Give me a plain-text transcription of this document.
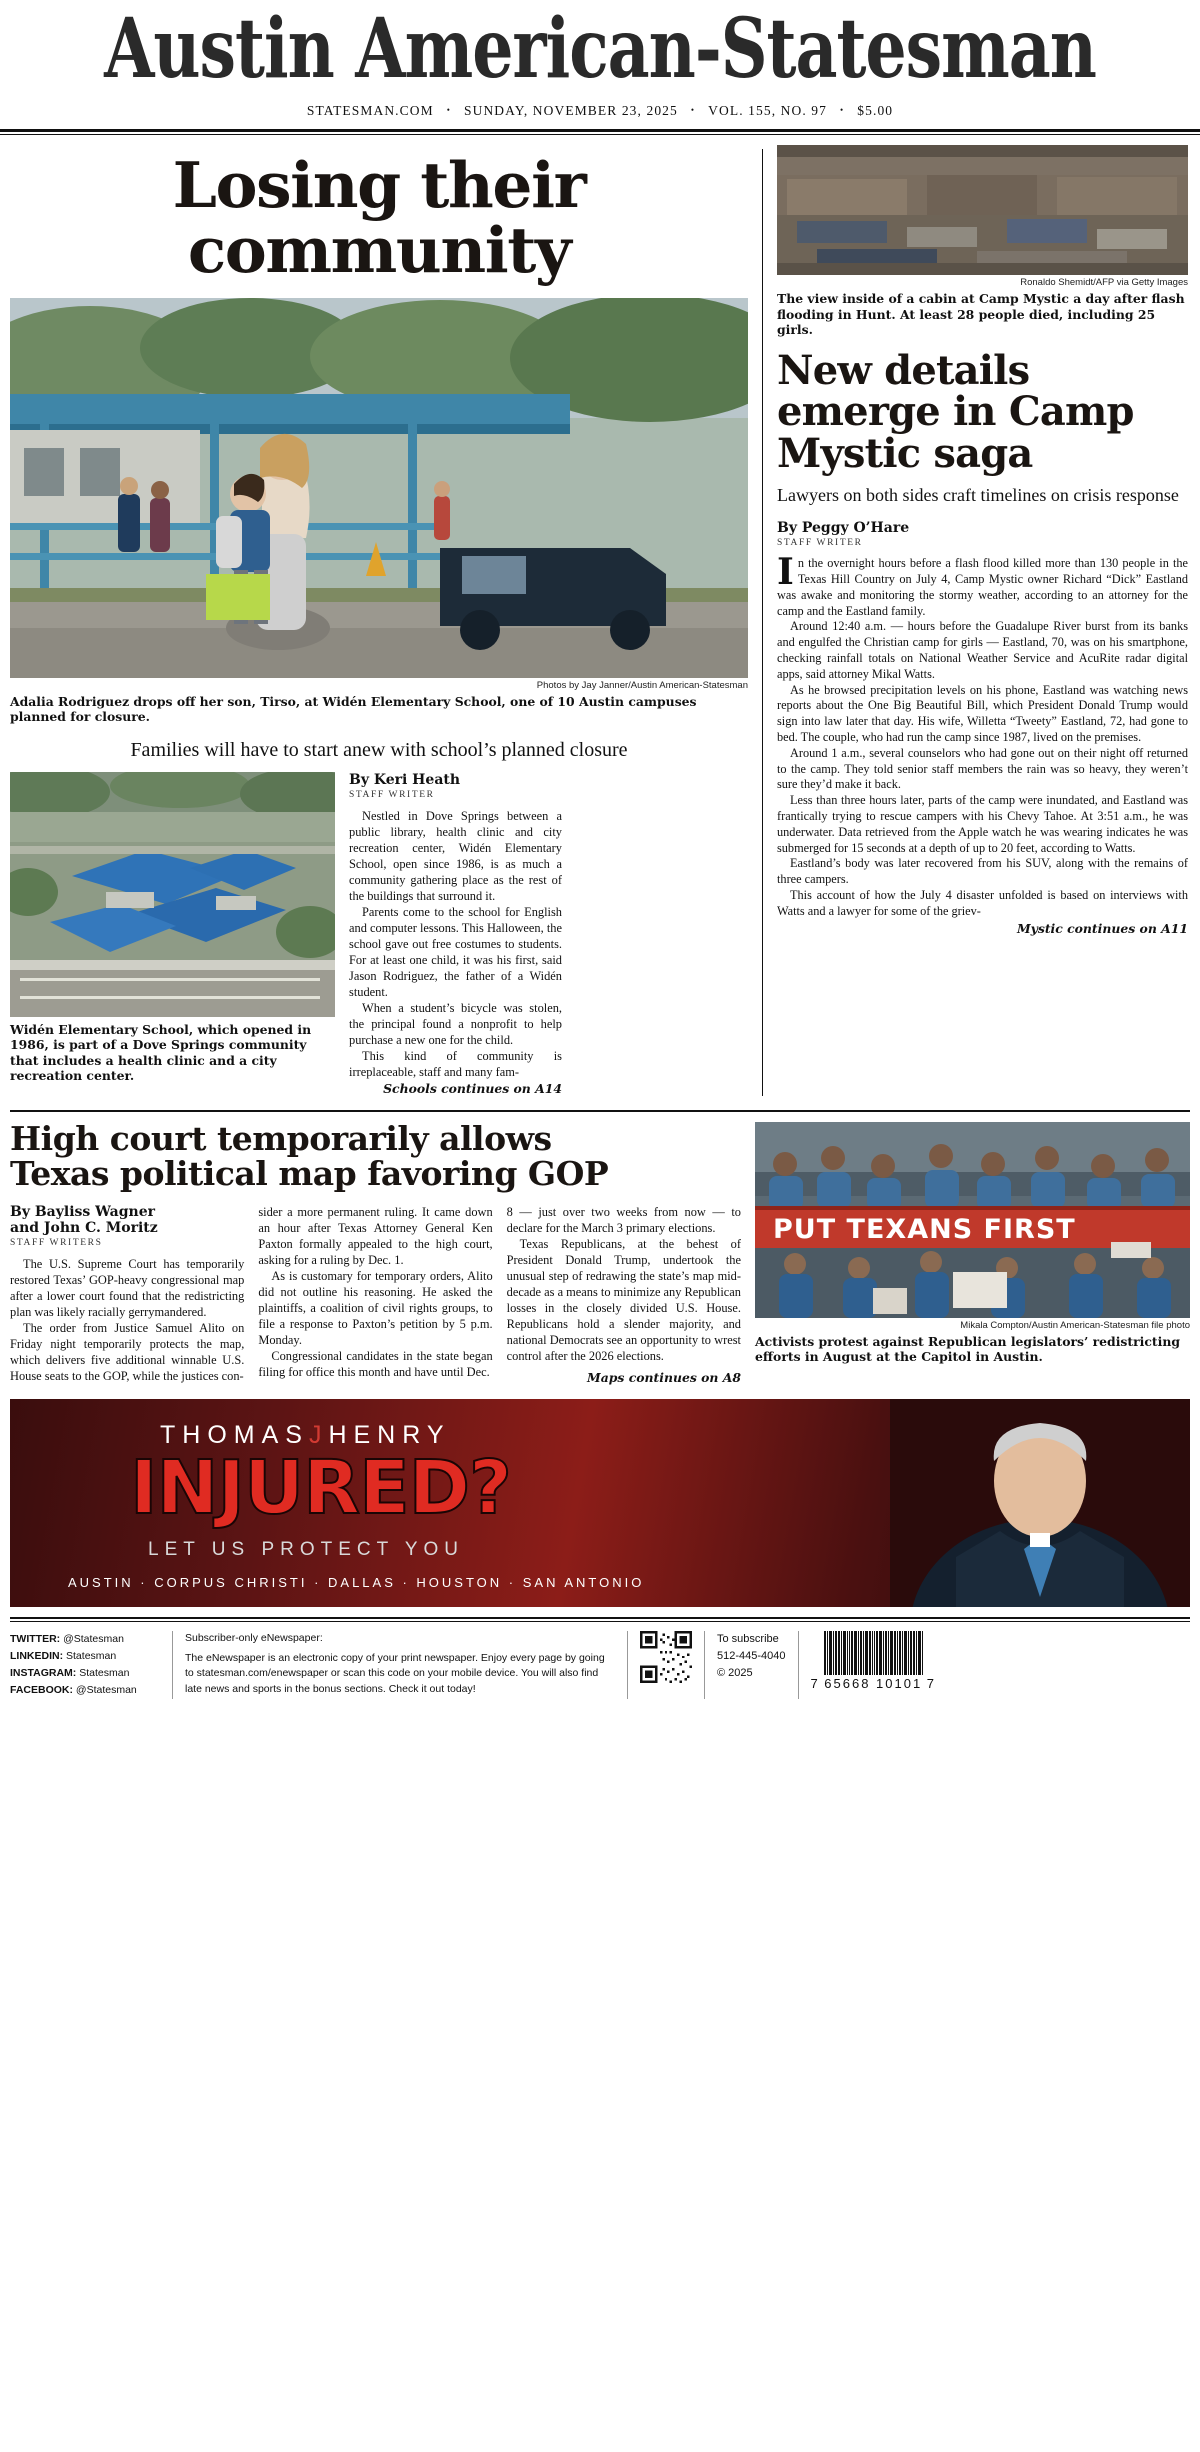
Austin American-Statesman
STATESMAN.COM • SUNDAY, NOVEMBER 23, 2025 • VOL. 155, NO. 97 • $5.00
Losing their
community
Photos by Jay Janner/Austin American-Statesman
Adalia Rodriguez drops off her son, Tirso, at Widén Elementary School, one of 10 Austin campuses planned for closure.
Families will have to start anew with school’s planned closure
Widén Elementary School, which opened in 1986, is part of a Dove Springs community that includes a health clinic and a city recreation center.
By Keri Heath
STAFF WRITER

Nestled in Dove Springs between a public library, health clinic and city recreation center, Widén Elementary School, open since 1986, is as much a community gathering place as the rest of the buildings that surround it.

Parents come to the school for English and computer lessons. This Halloween, the school gave out free costumes to students. For at least one child, it was his first, said Jason Rodriguez, the father of a Widén student.

When a student’s bicycle was stolen, the principal found a nonprofit to help purchase a new one for the child.

This kind of community is irreplaceable, staff and many fam-

Schools continues on A14
Ronaldo Shemidt/AFP via Getty Images
The view inside of a cabin at Camp Mystic a day after flash flooding in Hunt. At least 28 people died, including 25 girls.
New details emerge in Camp Mystic saga
Lawyers on both sides craft timelines on crisis response
By Peggy O’Hare
STAFF WRITER

In the overnight hours before a flash flood killed more than 130 people in the Texas Hill Country on July 4, Camp Mystic owner Richard “Dick” Eastland was awake and monitoring the stormy weather, according to an attorney for the camp and the Eastland family.

Around 12:40 a.m. — hours before the Guadalupe River burst from its banks and engulfed the Christian camp for girls — Eastland, 70, was on his smartphone, checking rainfall totals on National Weather Service and AcuRite radar digital apps, said attorney Mikal Watts.

As he browsed precipitation levels on his phone, Eastland was watching news reports about the One Big Beautiful Bill, which President Donald Trump would sign into law later that day. His wife, Willetta “Tweety” Eastland, 72, had gone to bed. The couple, who had run the camp since 1987, lived on the premises.

Around 1 a.m., several counselors who had gone out on their night off returned to the camp. They told senior staff members the rain was so heavy, they weren’t sure they’d make it back.

Less than three hours later, parts of the camp were inundated, and Eastland was frantically trying to rescue campers with his Chevy Tahoe. At 3:51 a.m., he was underwater. Data retrieved from the Apple watch he was wearing indicates he was submerged for 15 seconds at a depth of up to 20 feet, according to Watts.

Eastland’s body was later recovered from his SUV, along with the remains of three campers.

This account of how the July 4 disaster unfolded is based on interviews with Watts and a lawyer for some of the griev-

Mystic continues on A11
High court temporarily allows
Texas political map favoring GOP
By Bayliss Wagner
and John C. Moritz
STAFF WRITERS

The U.S. Supreme Court has temporarily restored Texas’ GOP-heavy congressional map after a lower court found that the redistricting plan was likely racially gerrymandered.

The order from Justice Samuel Alito on Friday night temporarily protects the map, which delivers five additional winnable U.S. House seats to the GOP, while the justices con-

sider a more permanent ruling. It came down an hour after Texas Attorney General Ken Paxton formally appealed to the high court, asking for a ruling by Dec. 1.

As is customary for temporary orders, Alito did not outline his reasoning. He asked the plaintiffs, a coalition of civil rights groups, to file a response to Paxton’s petition by 5 p.m. Monday.

Congressional candidates in the state began filing for office this month and have until Dec.

8 — just over two weeks from now — to declare for the March 3 primary elections.

Texas Republicans, at the behest of President Donald Trump, undertook the unusual step of redrawing the state’s map mid-decade as a means to minimize any Republican losses in the closely divided U.S. House. Republicans hold a slender majority, and national Democrats see an opportunity to wrest control after the 2026 elections.

Maps continues on A8
PUT TEXANS FIRST
Mikala Compton/Austin American-Statesman file photo
Activists protest against Republican legislators’ redistricting efforts in August at the Capitol in Austin.
THOMASJHENRY
INJURED?
LET US PROTECT YOU
AUSTIN · CORPUS CHRISTI · DALLAS · HOUSTON · SAN ANTONIO
TWITTER: @Statesman
LINKEDIN: Statesman
INSTAGRAM: Statesman
FACEBOOK: @Statesman
Subscriber-only eNewspaper:
The eNewspaper is an electronic copy of your print newspaper. Enjoy every page by going to statesman.com/enewspaper or scan this code on your mobile device. You will also find late news and sports in the bonus sections. Check it out today!
To subscribe
512-445-4040
© 2025
7 65668 10101 7
